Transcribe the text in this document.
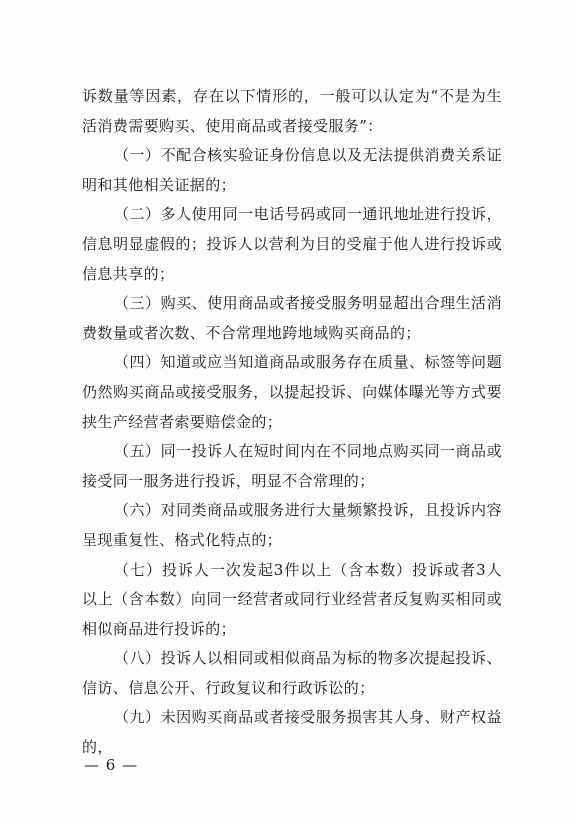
诉数量等因素，存在以下情形的，一般可以认定为“不是为生活消费需要购买、使用商品或者接受服务”：

（一）不配合核实验证身份信息以及无法提供消费关系证明和其他相关证据的；

（二）多人使用同一电话号码或同一通讯地址进行投诉，信息明显虚假的；投诉人以营利为目的受雇于他人进行投诉或信息共享的；

（三）购买、使用商品或者接受服务明显超出合理生活消费数量或者次数、不合常理地跨地域购买商品的；

（四）知道或应当知道商品或服务存在质量、标签等问题仍然购买商品或接受服务，以提起投诉、向媒体曝光等方式要挟生产经营者索要赔偿金的；

（五）同一投诉人在短时间内在不同地点购买同一商品或接受同一服务进行投诉，明显不合常理的；

（六）对同类商品或服务进行大量频繁投诉，且投诉内容呈现重复性、格式化特点的；

（七）投诉人一次发起3件以上（含本数）投诉或者3人以上（含本数）向同一经营者或同行业经营者反复购买相同或相似商品进行投诉的；

（八）投诉人以相同或相似商品为标的物多次提起投诉、信访、信息公开、行政复议和行政诉讼的；

（九）未因购买商品或者接受服务损害其人身、财产权益的，

— 6 —
